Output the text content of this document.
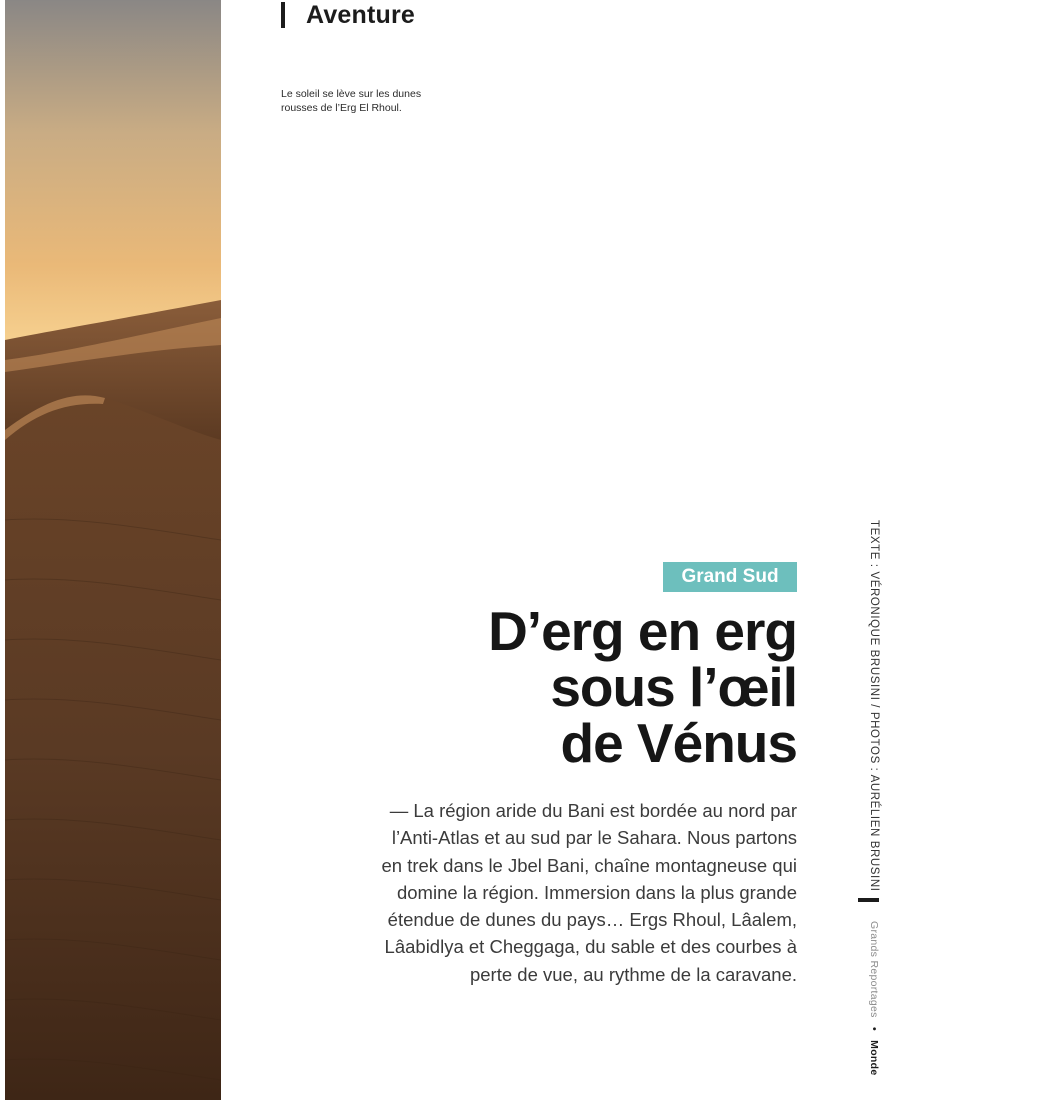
Aventure
Le soleil se lève sur les dunes
rousses de l’Erg El Rhoul.
Grand Sud
D’erg en erg
sous l’œil
de Vénus
— La région aride du Bani est bordée au nord par
l’Anti-Atlas et au sud par le Sahara. Nous partons
en trek dans le Jbel Bani, chaîne montagneuse qui
domine la région. Immersion dans la plus grande
étendue de dunes du pays… Ergs Rhoul, Lâalem,
Lâabidlya et Cheggaga, du sable et des courbes à
perte de vue, au rythme de la caravane.
TEXTE : VÉRONIQUE BRUSINI / PHOTOS : AURÉLIEN BRUSINI
Grands Reportages • Monde
